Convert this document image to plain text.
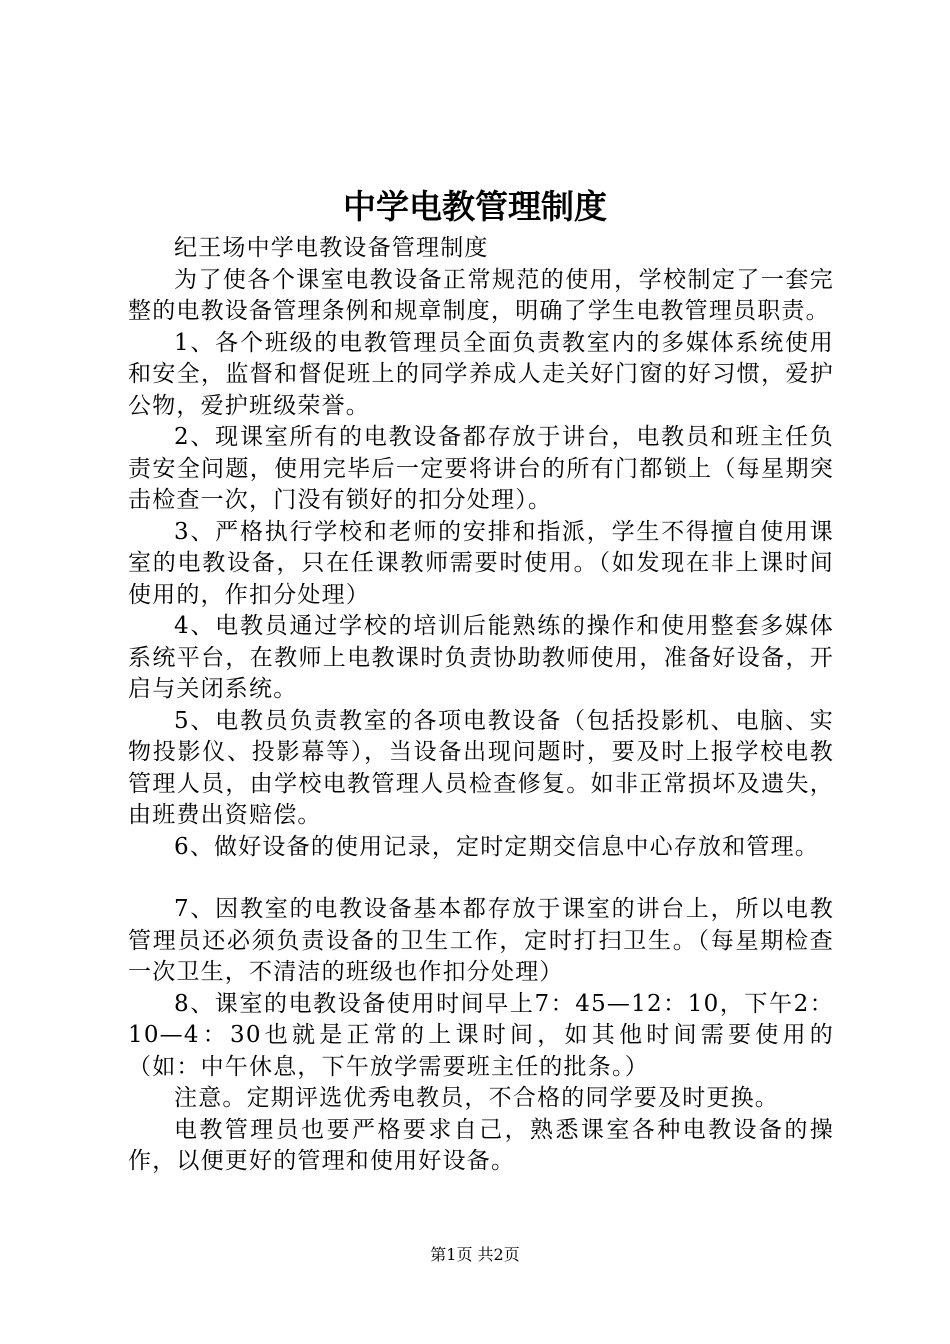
中学电教管理制度

纪王场中学电教设备管理制度

为了使各个课室电教设备正常规范的使用，学校制定了一套完整的电教设备管理条例和规章制度，明确了学生电教管理员职责。

1、各个班级的电教管理员全面负责教室内的多媒体系统使用和安全，监督和督促班上的同学养成人走关好门窗的好习惯，爱护公物，爱护班级荣誉。

2、现课室所有的电教设备都存放于讲台，电教员和班主任负责安全问题，使用完毕后一定要将讲台的所有门都锁上（每星期突击检查一次，门没有锁好的扣分处理）。

3、严格执行学校和老师的安排和指派，学生不得擅自使用课室的电教设备，只在任课教师需要时使用。（如发现在非上课时间使用的，作扣分处理）

4、电教员通过学校的培训后能熟练的操作和使用整套多媒体系统平台，在教师上电教课时负责协助教师使用，准备好设备，开启与关闭系统。

5、电教员负责教室的各项电教设备（包括投影机、电脑、实物投影仪、投影幕等），当设备出现问题时，要及时上报学校电教管理人员，由学校电教管理人员检查修复。如非正常损坏及遗失，由班费出资赔偿。

6、做好设备的使用记录，定时定期交信息中心存放和管理。

7、因教室的电教设备基本都存放于课室的讲台上，所以电教管理员还必须负责设备的卫生工作，定时打扫卫生。（每星期检查一次卫生，不清洁的班级也作扣分处理）

8、课室的电教设备使用时间早上7：45—12：10，下午2：10—4：30也就是正常的上课时间，如其他时间需要使用的（如：中午休息，下午放学需要班主任的批条。）

注意。定期评选优秀电教员，不合格的同学要及时更换。

电教管理员也要严格要求自己，熟悉课室各种电教设备的操作，以便更好的管理和使用好设备。

第1页 共2页
